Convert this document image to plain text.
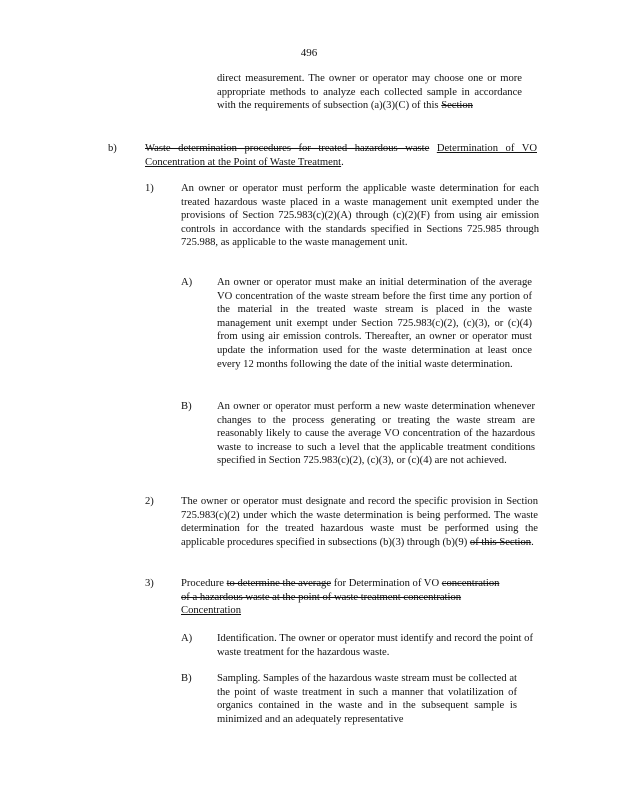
496
direct measurement. The owner or operator may choose one or more appropriate methods to analyze each collected sample in accordance with the requirements of subsection (a)(3)(C) of this Section
b)	Waste determination procedures for treated hazardous waste Determination of VO Concentration at the Point of Waste Treatment.
1)	An owner or operator must perform the applicable waste determination for each treated hazardous waste placed in a waste management unit exempted under the provisions of Section 725.983(c)(2)(A) through (c)(2)(F) from using air emission controls in accordance with the standards specified in Sections 725.985 through 725.988, as applicable to the waste management unit.
A) An owner or operator must make an initial determination of the average VO concentration of the waste stream before the first time any portion of the material in the treated waste stream is placed in the waste management unit exempt under Section 725.983(c)(2), (c)(3), or (c)(4) from using air emission controls. Thereafter, an owner or operator must update the information used for the waste determination at least once every 12 months following the date of the initial waste determination.
B) An owner or operator must perform a new waste determination whenever changes to the process generating or treating the waste stream are reasonably likely to cause the average VO concentration of the hazardous waste to increase to such a level that the applicable treatment conditions specified in Section 725.983(c)(2), (c)(3), or (c)(4) are not achieved.
2)	The owner or operator must designate and record the specific provision in Section 725.983(c)(2) under which the waste determination is being performed. The waste determination for the treated hazardous waste must be performed using the applicable procedures specified in subsections (b)(3) through (b)(9) of this Section.
3)	Procedure to determine the average for Determination of VO concentration of a hazardous waste at the point of waste treatment concentration Concentration
A) Identification. The owner or operator must identify and record the point of waste treatment for the hazardous waste.
B) Sampling. Samples of the hazardous waste stream must be collected at the point of waste treatment in such a manner that volatilization of organics contained in the waste and in the subsequent sample is minimized and an adequately representative
